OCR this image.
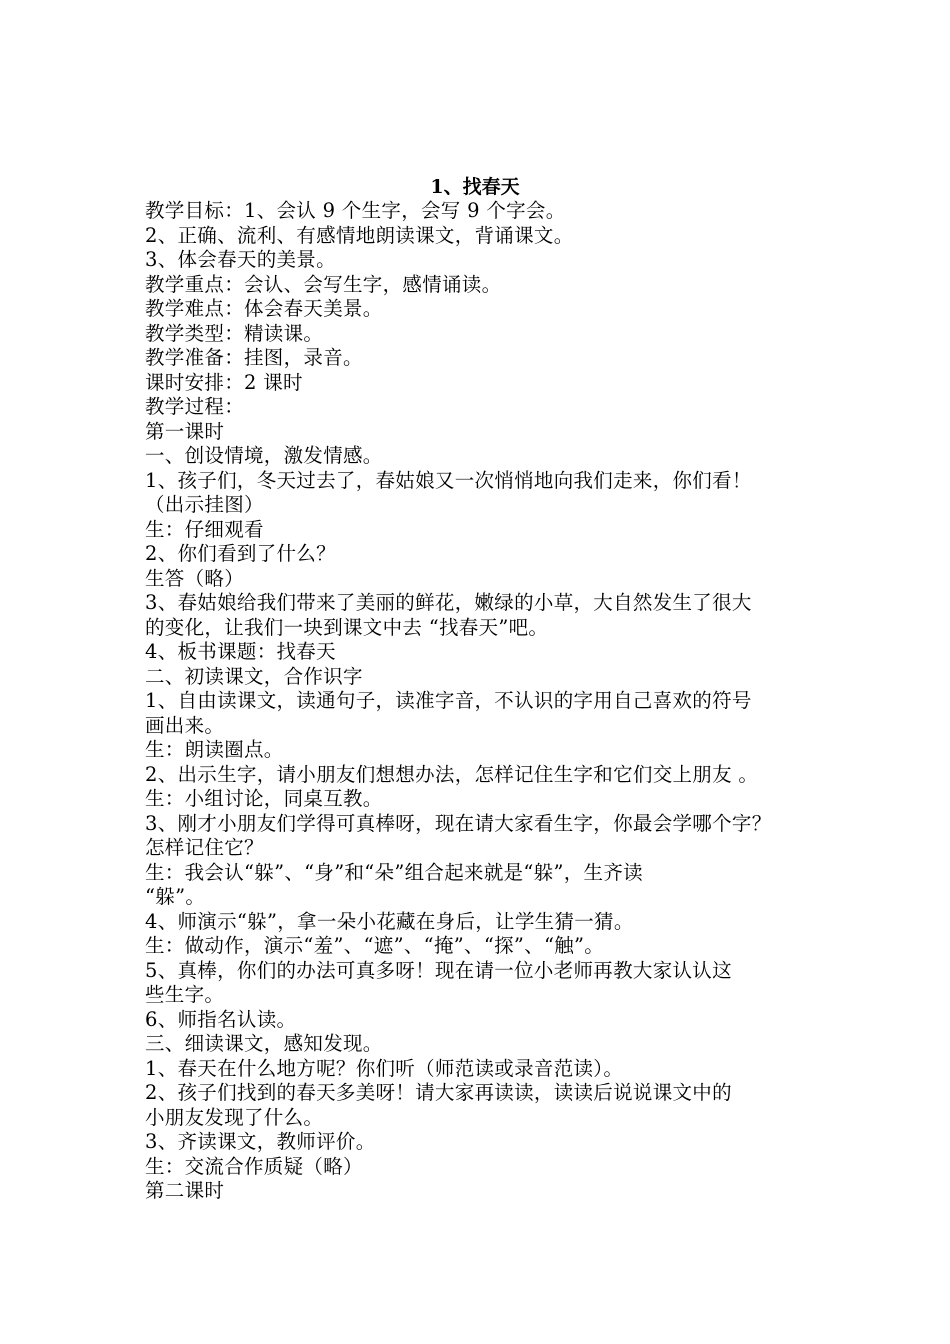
1、找春天
教学目标：1、会认 9 个生字，会写 9 个字会。
2、正确、流利、有感情地朗读课文，背诵课文。
3、体会春天的美景。
教学重点：会认、会写生字，感情诵读。
教学难点：体会春天美景。
教学类型：精读课。
教学准备：挂图，录音。
课时安排：2 课时
教学过程：
第一课时
一、创设情境，激发情感。
1、孩子们，冬天过去了，春姑娘又一次悄悄地向我们走来，你们看！
（出示挂图）
生：仔细观看
2、你们看到了什么？
生答（略）
3、春姑娘给我们带来了美丽的鲜花，嫩绿的小草，大自然发生了很大
的变化，让我们一块到课文中去 “找春天”吧。
4、板书课题：找春天
二、初读课文，合作识字
1、自由读课文，读通句子，读准字音，不认识的字用自己喜欢的符号
画出来。
生：朗读圈点。
2、出示生字，请小朋友们想想办法，怎样记住生字和它们交上朋友 。
生：小组讨论，同桌互教。
3、刚才小朋友们学得可真棒呀，现在请大家看生字，你最会学哪个字？
怎样记住它？
生：我会认“躲”、“身”和“朵”组合起来就是“躲”，生齐读
“躲”。
4、师演示“躲”，拿一朵小花藏在身后，让学生猜一猜。
生：做动作，演示“羞”、“遮”、“掩”、“探”、“触”。
5、真棒，你们的办法可真多呀！现在请一位小老师再教大家认认这
些生字。
6、师指名认读。
三、细读课文，感知发现。
1、春天在什么地方呢？你们听（师范读或录音范读）。
2、孩子们找到的春天多美呀！请大家再读读，读读后说说课文中的
小朋友发现了什么。
3、齐读课文，教师评价。
生：交流合作质疑（略）
第二课时
